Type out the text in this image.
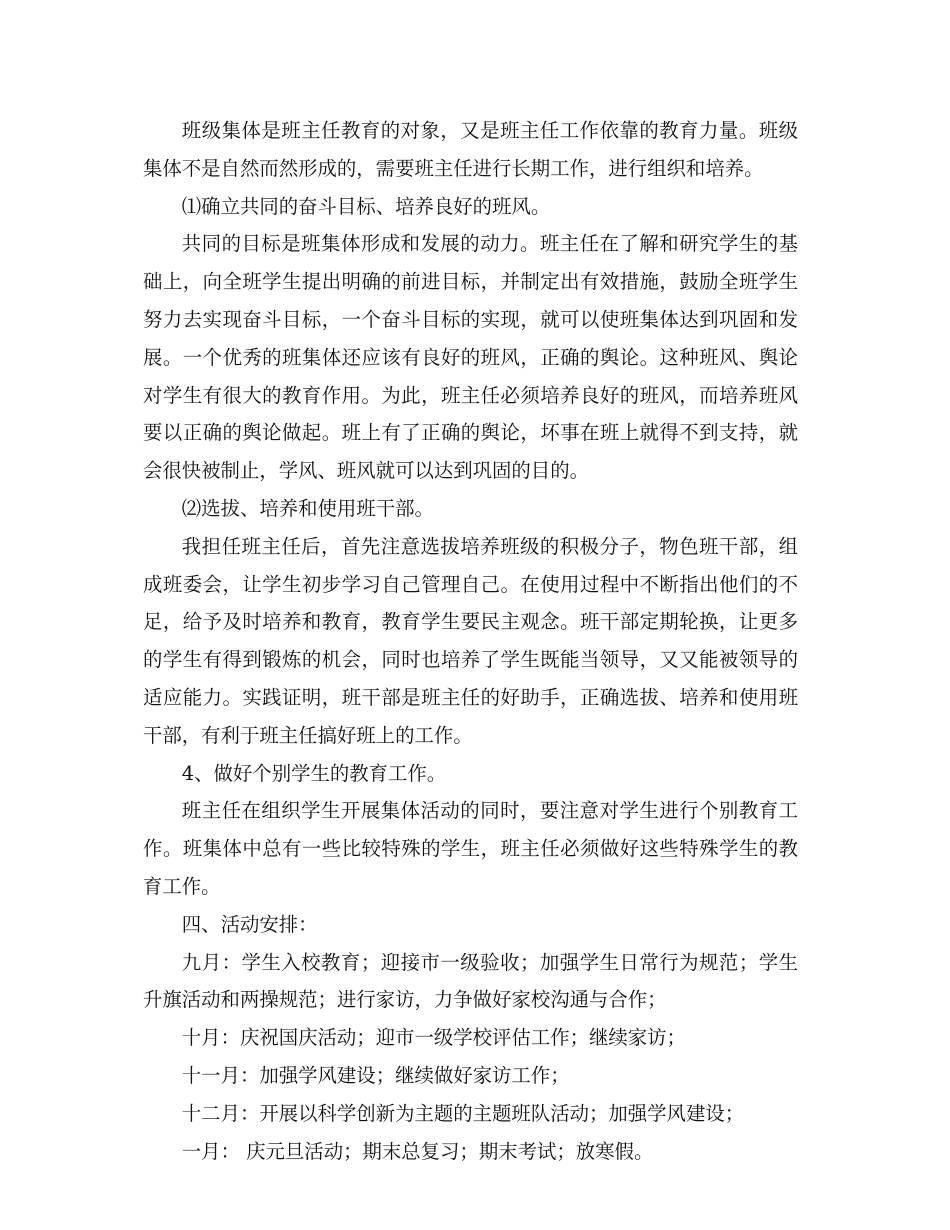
班级集体是班主任教育的对象，又是班主任工作依靠的教育力量。班级集体不是自然而然形成的，需要班主任进行长期工作，进行组织和培养。

⑴确立共同的奋斗目标、培养良好的班风。

共同的目标是班集体形成和发展的动力。班主任在了解和研究学生的基础上，向全班学生提出明确的前进目标，并制定出有效措施，鼓励全班学生努力去实现奋斗目标，一个奋斗目标的实现，就可以使班集体达到巩固和发展。一个优秀的班集体还应该有良好的班风，正确的舆论。这种班风、舆论对学生有很大的教育作用。为此，班主任必须培养良好的班风，而培养班风要以正确的舆论做起。班上有了正确的舆论，坏事在班上就得不到支持，就会很快被制止，学风、班风就可以达到巩固的目的。

⑵选拔、培养和使用班干部。

我担任班主任后，首先注意选拔培养班级的积极分子，物色班干部，组成班委会，让学生初步学习自己管理自己。在使用过程中不断指出他们的不足，给予及时培养和教育，教育学生要民主观念。班干部定期轮换，让更多的学生有得到锻炼的机会，同时也培养了学生既能当领导，又又能被领导的适应能力。实践证明，班干部是班主任的好助手，正确选拔、培养和使用班干部，有利于班主任搞好班上的工作。

4、做好个别学生的教育工作。

班主任在组织学生开展集体活动的同时，要注意对学生进行个别教育工作。班集体中总有一些比较特殊的学生，班主任必须做好这些特殊学生的教育工作。

四、活动安排：

九月：学生入校教育；迎接市一级验收；加强学生日常行为规范；学生升旗活动和两操规范；进行家访，力争做好家校沟通与合作；

十月：庆祝国庆活动；迎市一级学校评估工作；继续家访；

十一月：加强学风建设；继续做好家访工作；

十二月：开展以科学创新为主题的主题班队活动；加强学风建设；

一月： 庆元旦活动；期末总复习；期末考试；放寒假。
